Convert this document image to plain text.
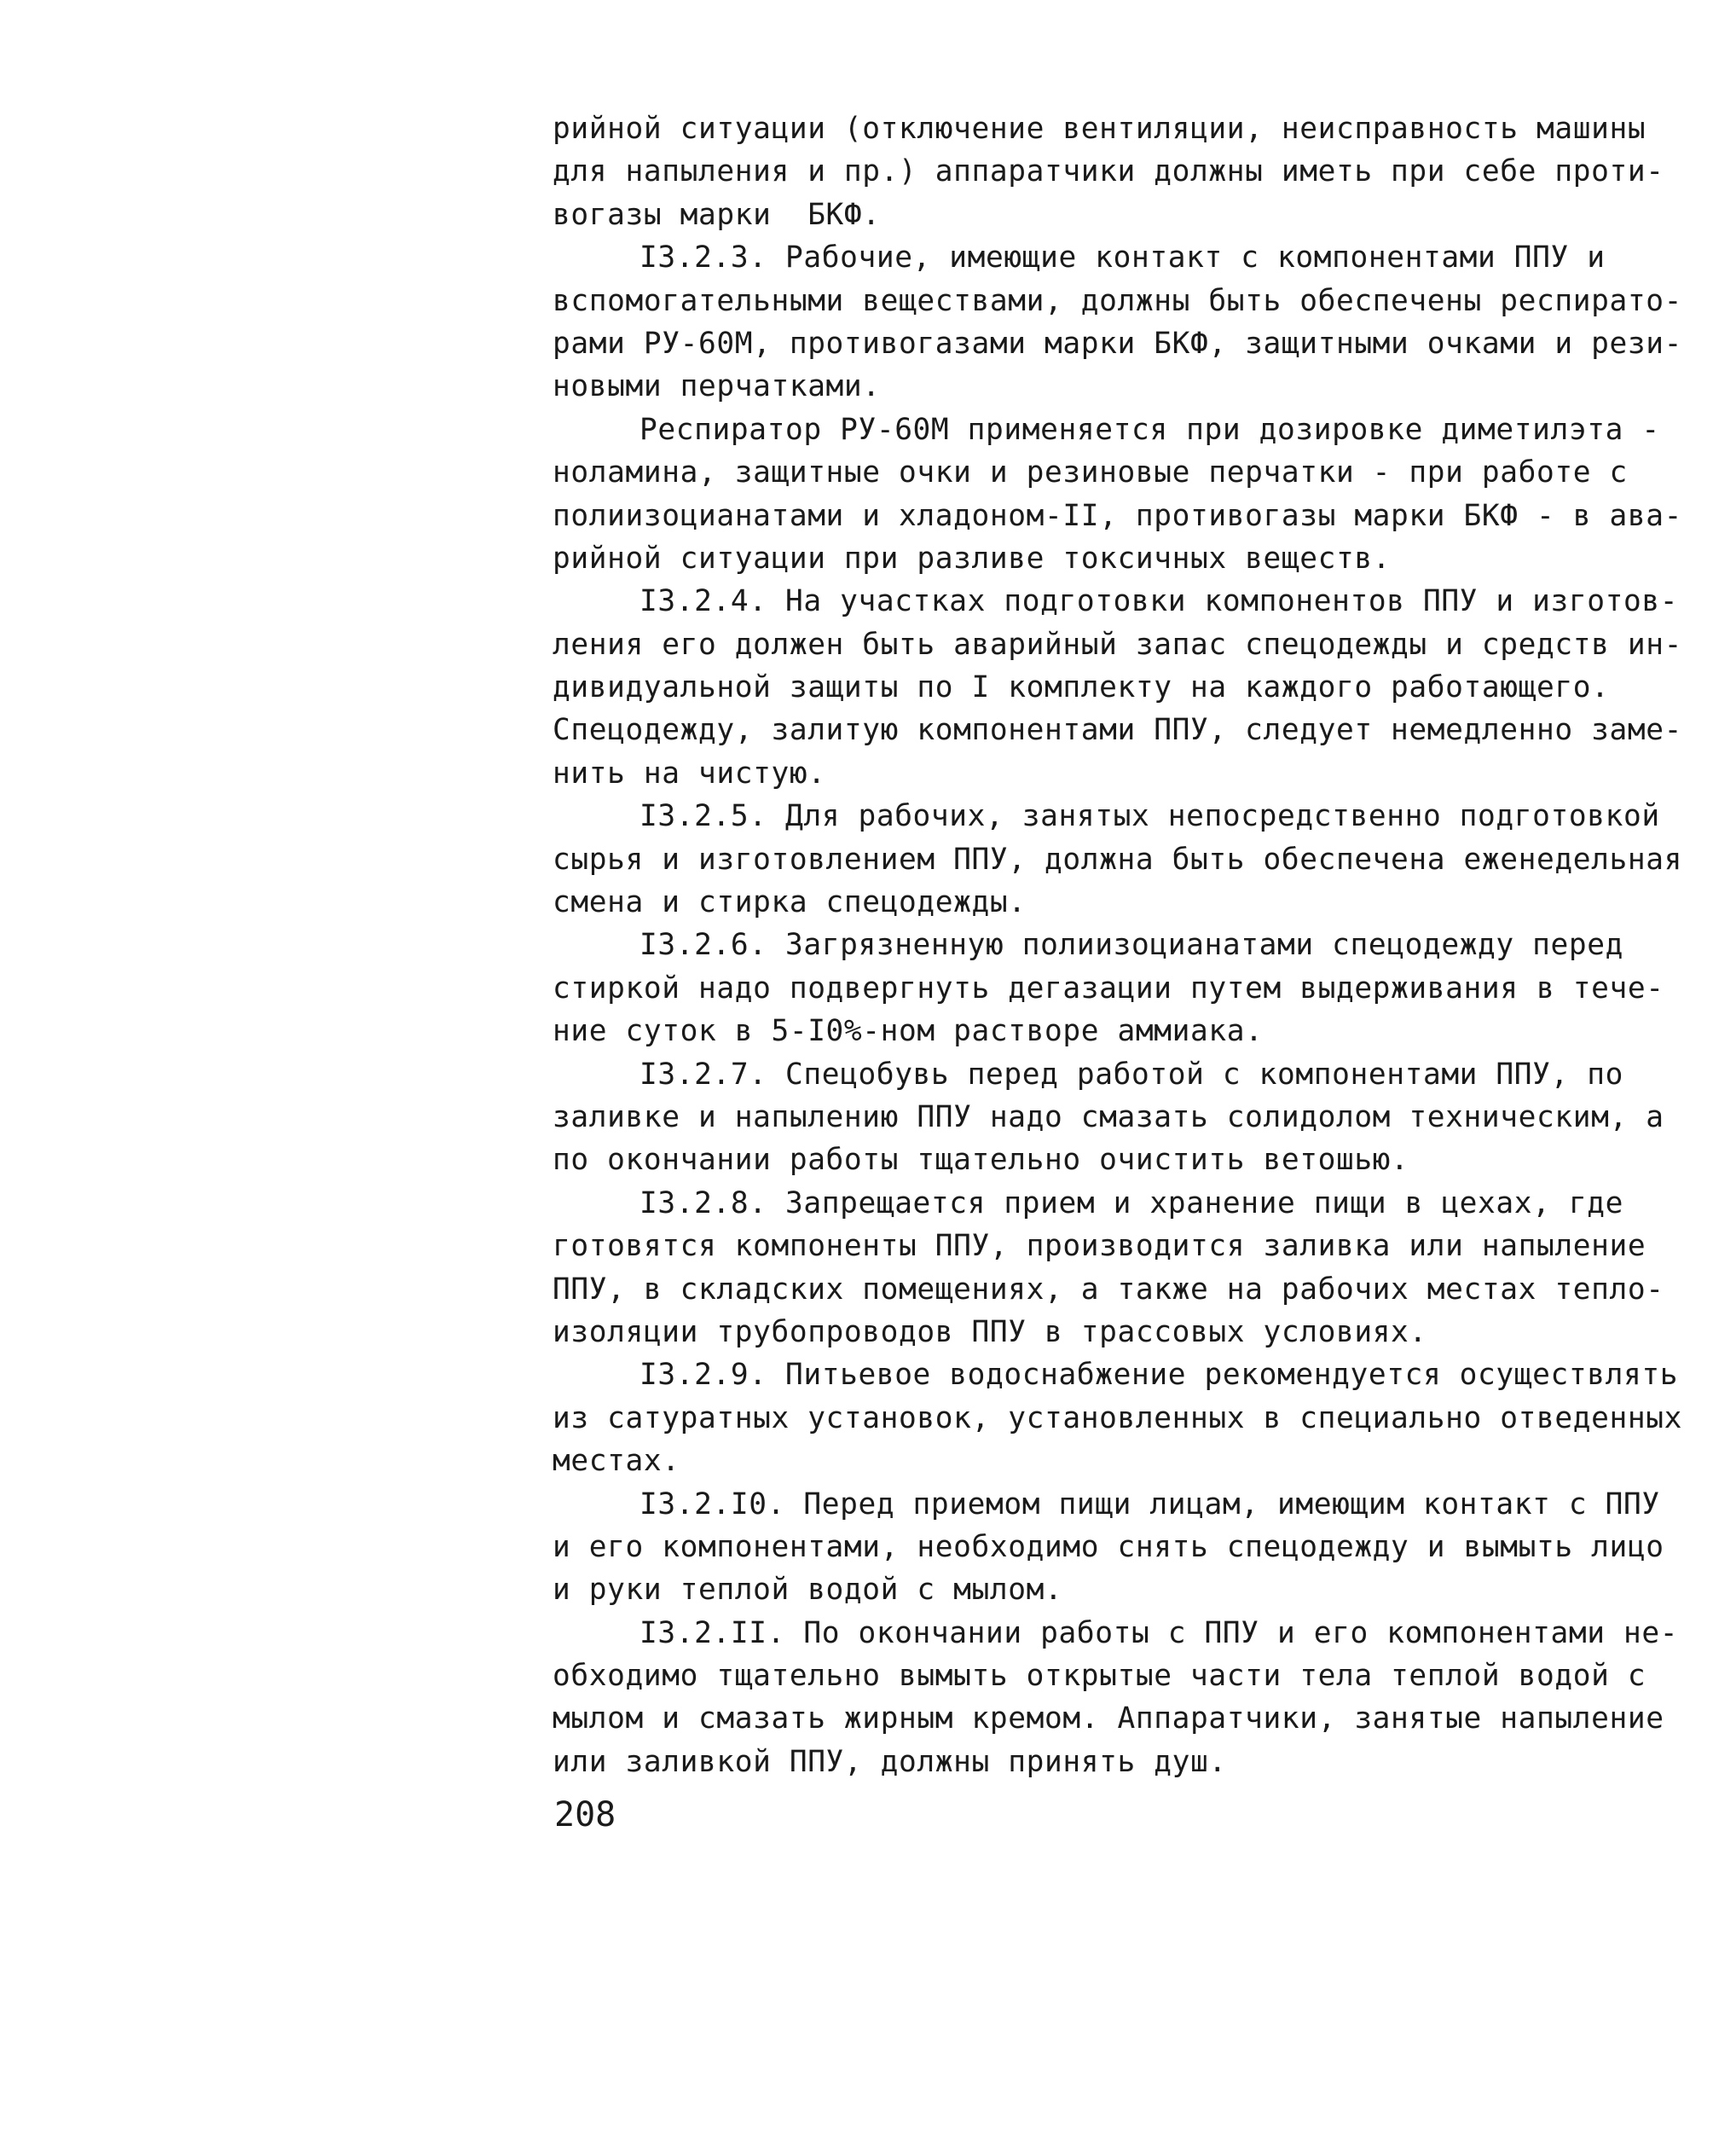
рийной ситуации (отключение вентиляции, неисправность машины
для напыления и пр.) аппаратчики должны иметь при себе проти-
вогазы марки  БКФ.
I3.2.3. Рабочие, имеющие контакт с компонентами ППУ и
вспомогательными веществами, должны быть обеспечены респирато-
рами РУ-60М, противогазами марки БКФ, защитными очками и рези-
новыми перчатками.
Респиратор РУ-60М применяется при дозировке диметилэта -
ноламина, защитные очки и резиновые перчатки - при работе с
полиизоцианатами и хладоном-II, противогазы марки БКФ - в ава-
рийной ситуации при разливе токсичных веществ.
I3.2.4. На участках подготовки компонентов ППУ и изготов-
ления его должен быть аварийный запас спецодежды и средств ин-
дивидуальной защиты по I комплекту на каждого работающего.
Спецодежду, залитую компонентами ППУ, следует немедленно заме-
нить на чистую.
I3.2.5. Для рабочих, занятых непосредственно подготовкой
сырья и изготовлением ППУ, должна быть обеспечена еженедельная
смена и стирка спецодежды.
I3.2.6. Загрязненную полиизоцианатами спецодежду перед
стиркой надо подвергнуть дегазации путем выдерживания в тече-
ние суток в 5-I0%-ном растворе аммиака.
I3.2.7. Спецобувь перед работой с компонентами ППУ, по
заливке и напылению ППУ надо смазать солидолом техническим, а
по окончании работы тщательно очистить ветошью.
I3.2.8. Запрещается прием и хранение пищи в цехах, где
готовятся компоненты ППУ, производится заливка или напыление
ППУ, в складских помещениях, а также на рабочих местах тепло-
изоляции трубопроводов ППУ в трассовых условиях.
I3.2.9. Питьевое водоснабжение рекомендуется осуществлять
из сатуратных установок, установленных в специально отведенных
местах.
I3.2.I0. Перед приемом пищи лицам, имеющим контакт с ППУ
и его компонентами, необходимо снять спецодежду и вымыть лицо
и руки теплой водой с мылом.
I3.2.II. По окончании работы с ППУ и его компонентами не-
обходимо тщательно вымыть открытые части тела теплой водой с
мылом и смазать жирным кремом. Аппаратчики, занятые напыление
или заливкой ППУ, должны принять душ.
208
